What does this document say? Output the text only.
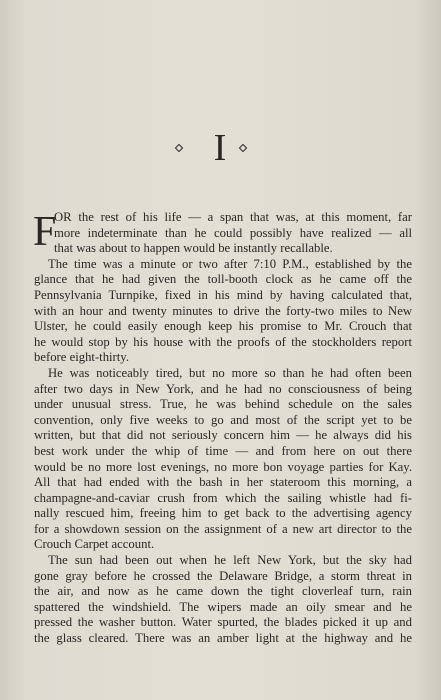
I
F
OR the rest of his life — a span that was, at this moment, far
more indeterminate than he could possibly have realized — all
that was about to happen would be instantly recallable.
The time was a minute or two after 7:10 P.M., established by the
glance that he had given the toll-booth clock as he came off the
Pennsylvania Turnpike, fixed in his mind by having calculated that,
with an hour and twenty minutes to drive the forty-two miles to New
Ulster, he could easily enough keep his promise to Mr. Crouch that
he would stop by his house with the proofs of the stockholders report
before eight-thirty.
He was noticeably tired, but no more so than he had often been
after two days in New York, and he had no consciousness of being
under unusual stress. True, he was behind schedule on the sales
convention, only five weeks to go and most of the script yet to be
written, but that did not seriously concern him — he always did his
best work under the whip of time — and from here on out there
would be no more lost evenings, no more bon voyage parties for Kay.
All that had ended with the bash in her stateroom this morning, a
champagne-and-caviar crush from which the sailing whistle had fi-
nally rescued him, freeing him to get back to the advertising agency
for a showdown session on the assignment of a new art director to the
Crouch Carpet account.
The sun had been out when he left New York, but the sky had
gone gray before he crossed the Delaware Bridge, a storm threat in
the air, and now as he came down the tight cloverleaf turn, rain
spattered the windshield. The wipers made an oily smear and he
pressed the washer button. Water spurted, the blades picked it up and
the glass cleared. There was an amber light at the highway and he
